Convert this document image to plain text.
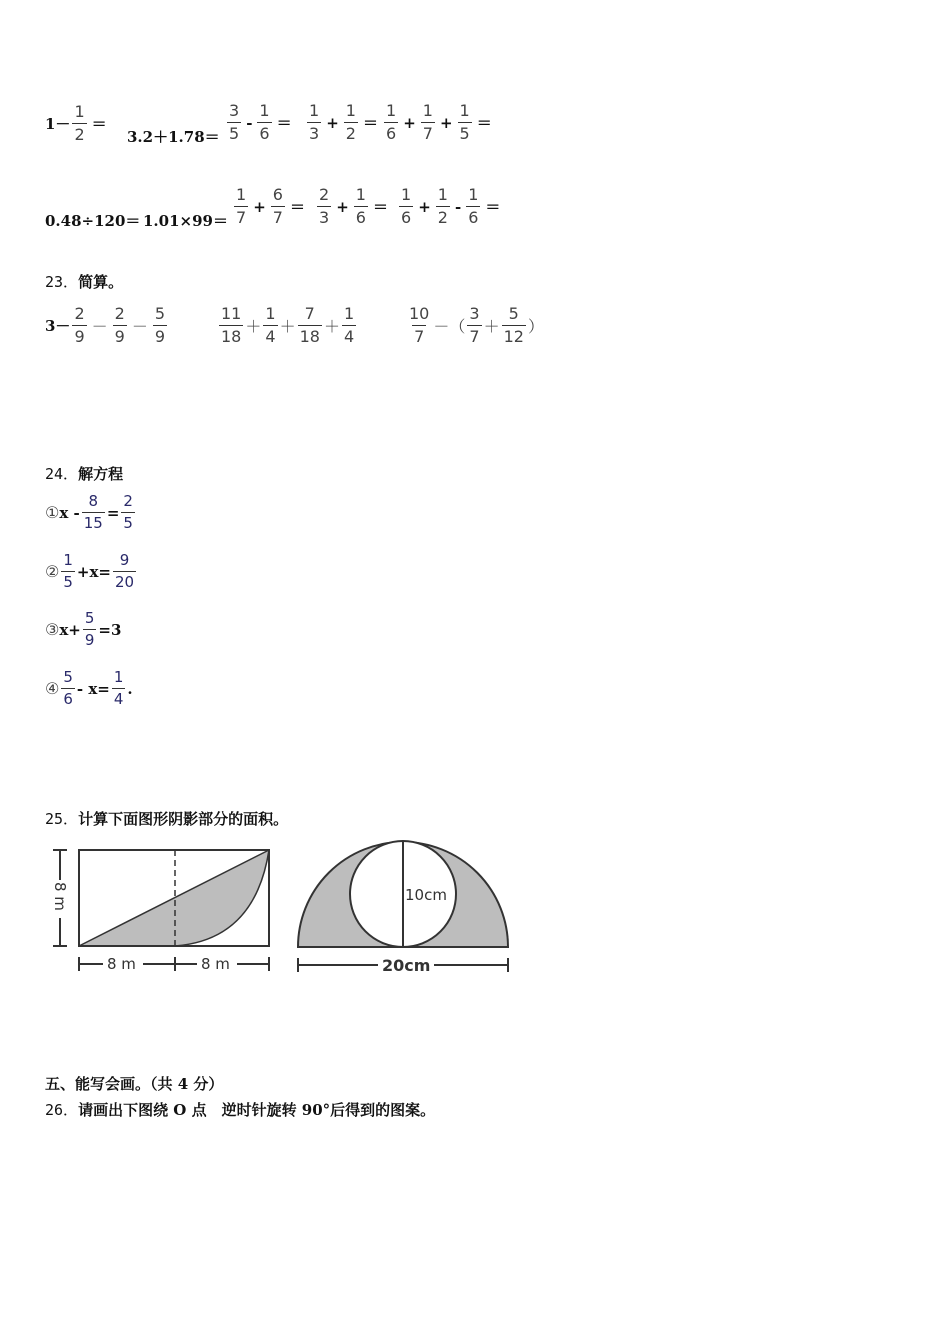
$1- \frac{1}{2}$ ＝
$3.2+1.78= \frac{3}{5} - \frac{1}{6} = \frac{1}{3} + \frac{1}{2} = \frac{1}{6} + \frac{1}{7} + \frac{1}{5}$ ＝
$0.48\div 120= 1.01\times 99= \frac{1}{7} + \frac{6}{7} = \frac{2}{3} + \frac{1}{6} = \frac{1}{6} + \frac{1}{2} - \frac{1}{6}$ ＝
23．简算。
$3- \frac{2}{9} - \frac{2}{9} - \frac{5}{9}$	$\frac{11}{18} + \frac{1}{4} + \frac{7}{18} + \frac{1}{4}$	$\frac{10}{7}$ －（ $\frac{3}{7} + \frac{5}{12}$ ）
24．解方程
① $x - \frac{8}{15} = \frac{2}{5}$
② $\frac{1}{5} +x= \frac{9}{20}$
③ $x+ \frac{5}{9} =3$
④ $\frac{5}{6} - x= \frac{1}{4}$ .
25．计算下面图形阴影部分的面积。
8 m
8 m	8 m
10cm
20cm
五、能写会画。（共 4 分）
26．请画出下图绕 O 点　逆时针旋转 90°后得到的图案。
